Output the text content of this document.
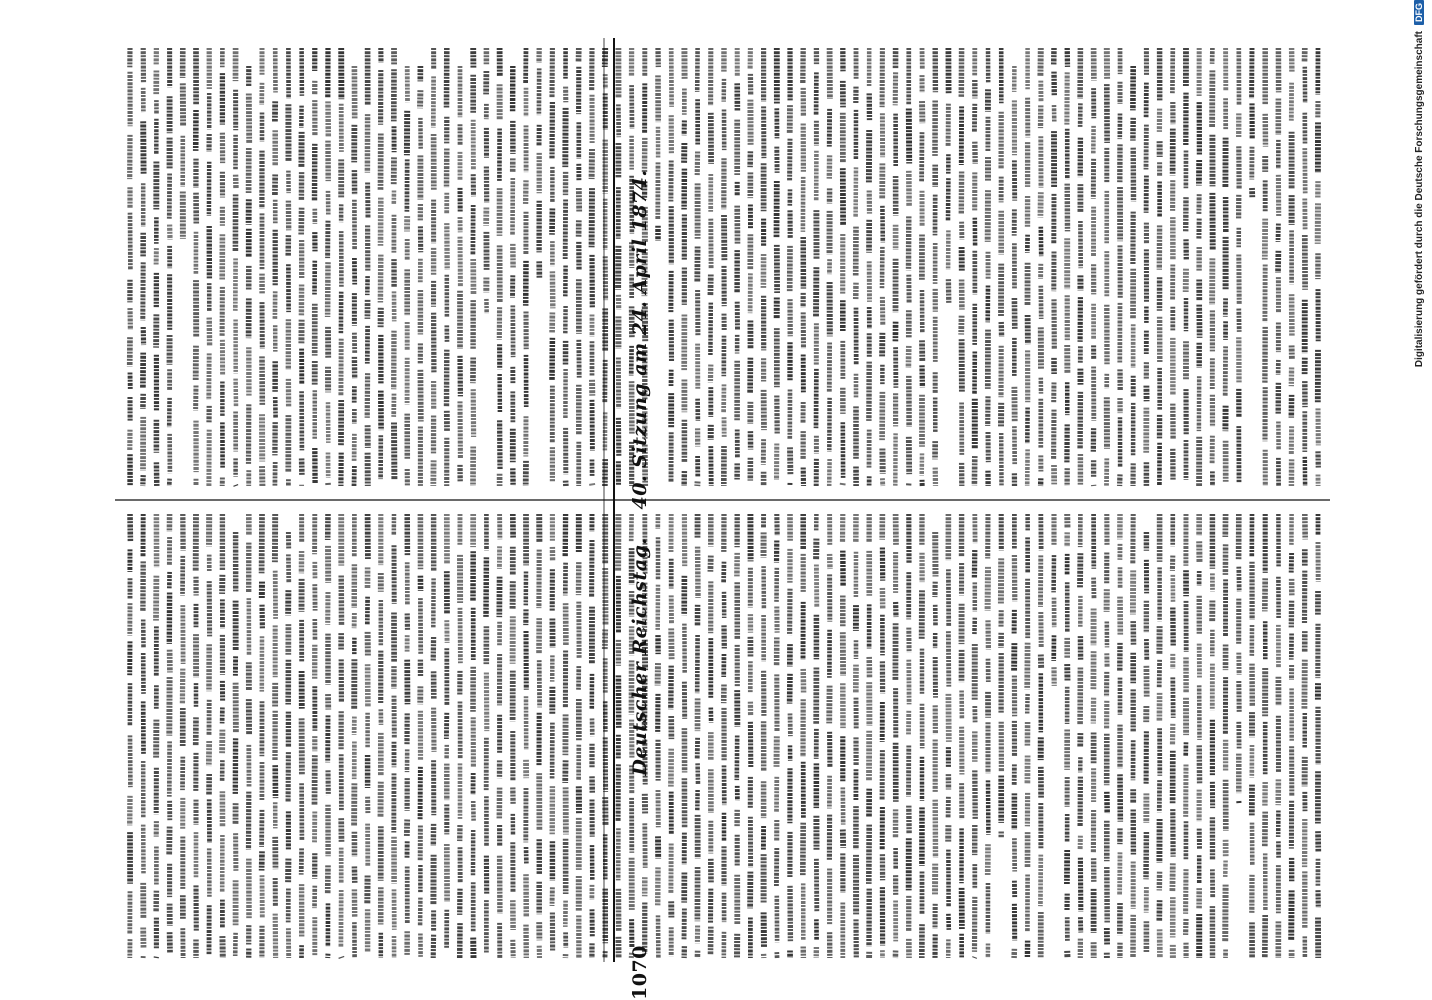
1070
Deutscher Reichstag.
40. Sitzung am 24. April 1874.	Digitalisierung gefördert durch die Deutsche Forschungsgemeinschaft
DFG
